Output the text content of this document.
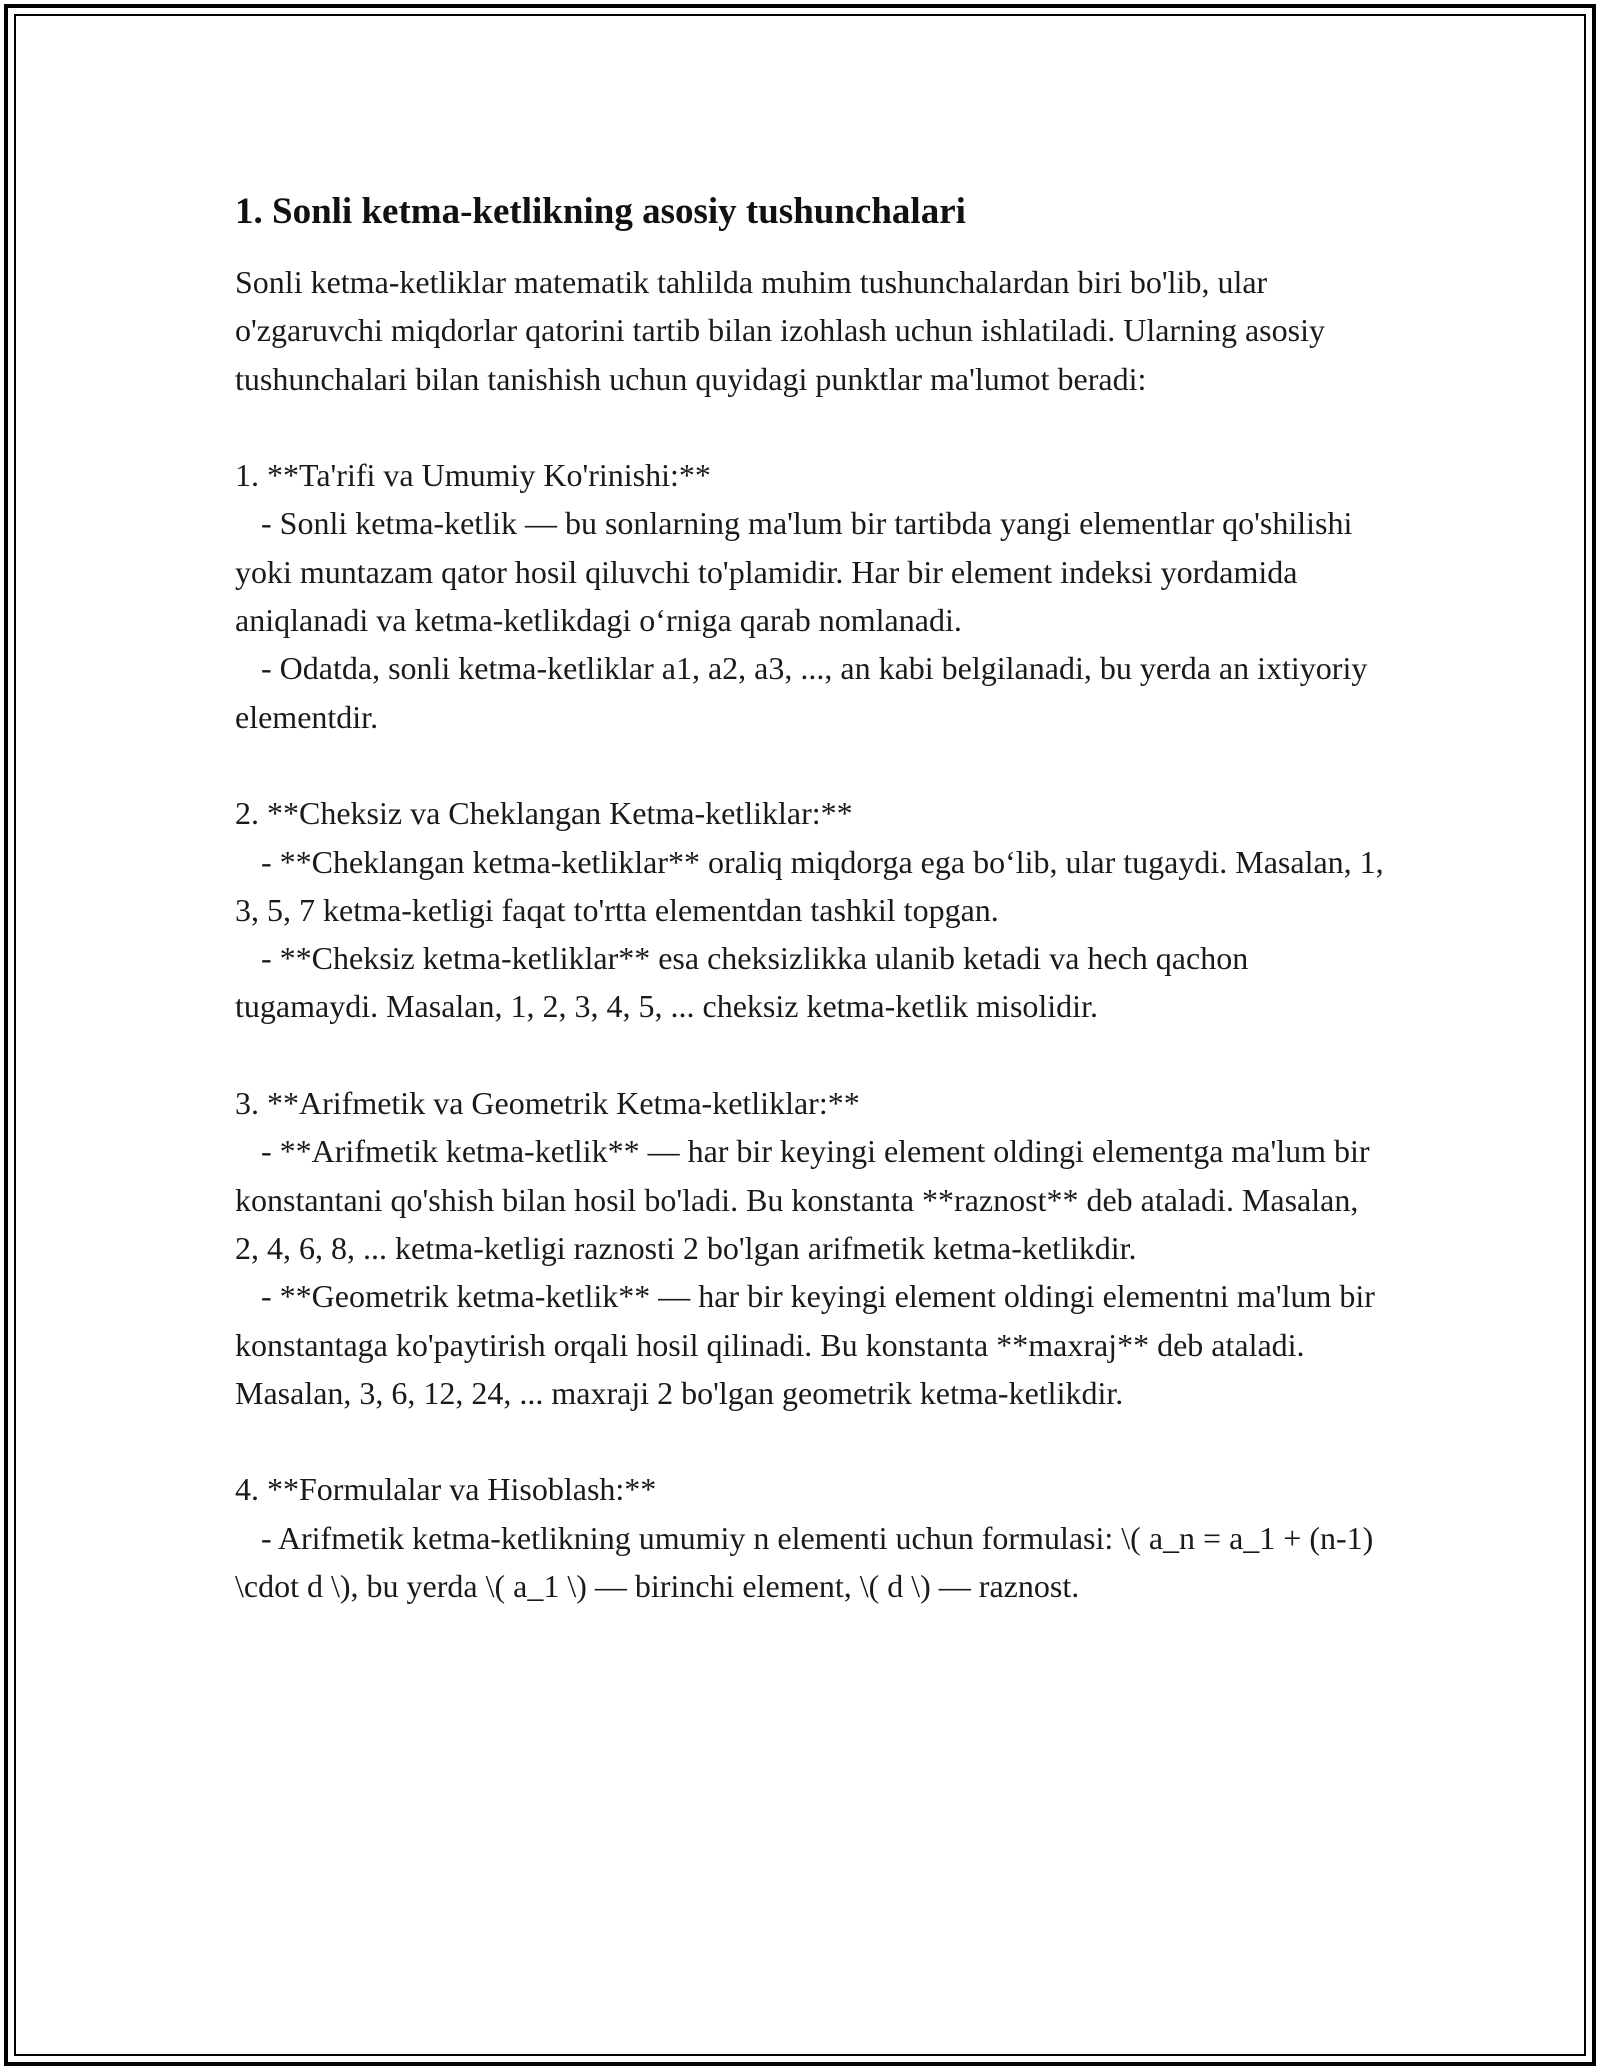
1. Sonli ketma-ketlikning asosiy tushunchalari

Sonli ketma-ketliklar matematik tahlilda muhim tushunchalardan biri bo'lib, ular o'zgaruvchi miqdorlar qatorini tartib bilan izohlash uchun ishlatiladi. Ularning asosiy tushunchalari bilan tanishish uchun quyidagi punktlar ma'lumot beradi:

1. **Ta'rifi va Umumiy Ko'rinishi:**

- Sonli ketma-ketlik — bu sonlarning ma'lum bir tartibda yangi elementlar qo'shilishi yoki muntazam qator hosil qiluvchi to'plamidir. Har bir element indeksi yordamida aniqlanadi va ketma-ketlikdagi o‘rniga qarab nomlanadi.

- Odatda, sonli ketma-ketliklar a1, a2, a3, ..., an kabi belgilanadi, bu yerda an ixtiyoriy elementdir.

2. **Cheksiz va Cheklangan Ketma-ketliklar:**

- **Cheklangan ketma-ketliklar** oraliq miqdorga ega bo‘lib, ular tugaydi. Masalan, 1, 3, 5, 7 ketma-ketligi faqat to'rtta elementdan tashkil topgan.

- **Cheksiz ketma-ketliklar** esa cheksizlikka ulanib ketadi va hech qachon tugamaydi. Masalan, 1, 2, 3, 4, 5, ... cheksiz ketma-ketlik misolidir.

3. **Arifmetik va Geometrik Ketma-ketliklar:**

- **Arifmetik ketma-ketlik** — har bir keyingi element oldingi elementga ma'lum bir konstantani qo'shish bilan hosil bo'ladi. Bu konstanta **raznost** deb ataladi. Masalan, 2, 4, 6, 8, ... ketma-ketligi raznosti 2 bo'lgan arifmetik ketma-ketlikdir.

- **Geometrik ketma-ketlik** — har bir keyingi element oldingi elementni ma'lum bir konstantaga ko'paytirish orqali hosil qilinadi. Bu konstanta **maxraj** deb ataladi. Masalan, 3, 6, 12, 24, ... maxraji 2 bo'lgan geometrik ketma-ketlikdir.

4. **Formulalar va Hisoblash:**

- Arifmetik ketma-ketlikning umumiy n elementi uchun formulasi: \( a_n = a_1 + (n-1) \cdot d \), bu yerda \( a_1 \) — birinchi element, \( d \) — raznost.
